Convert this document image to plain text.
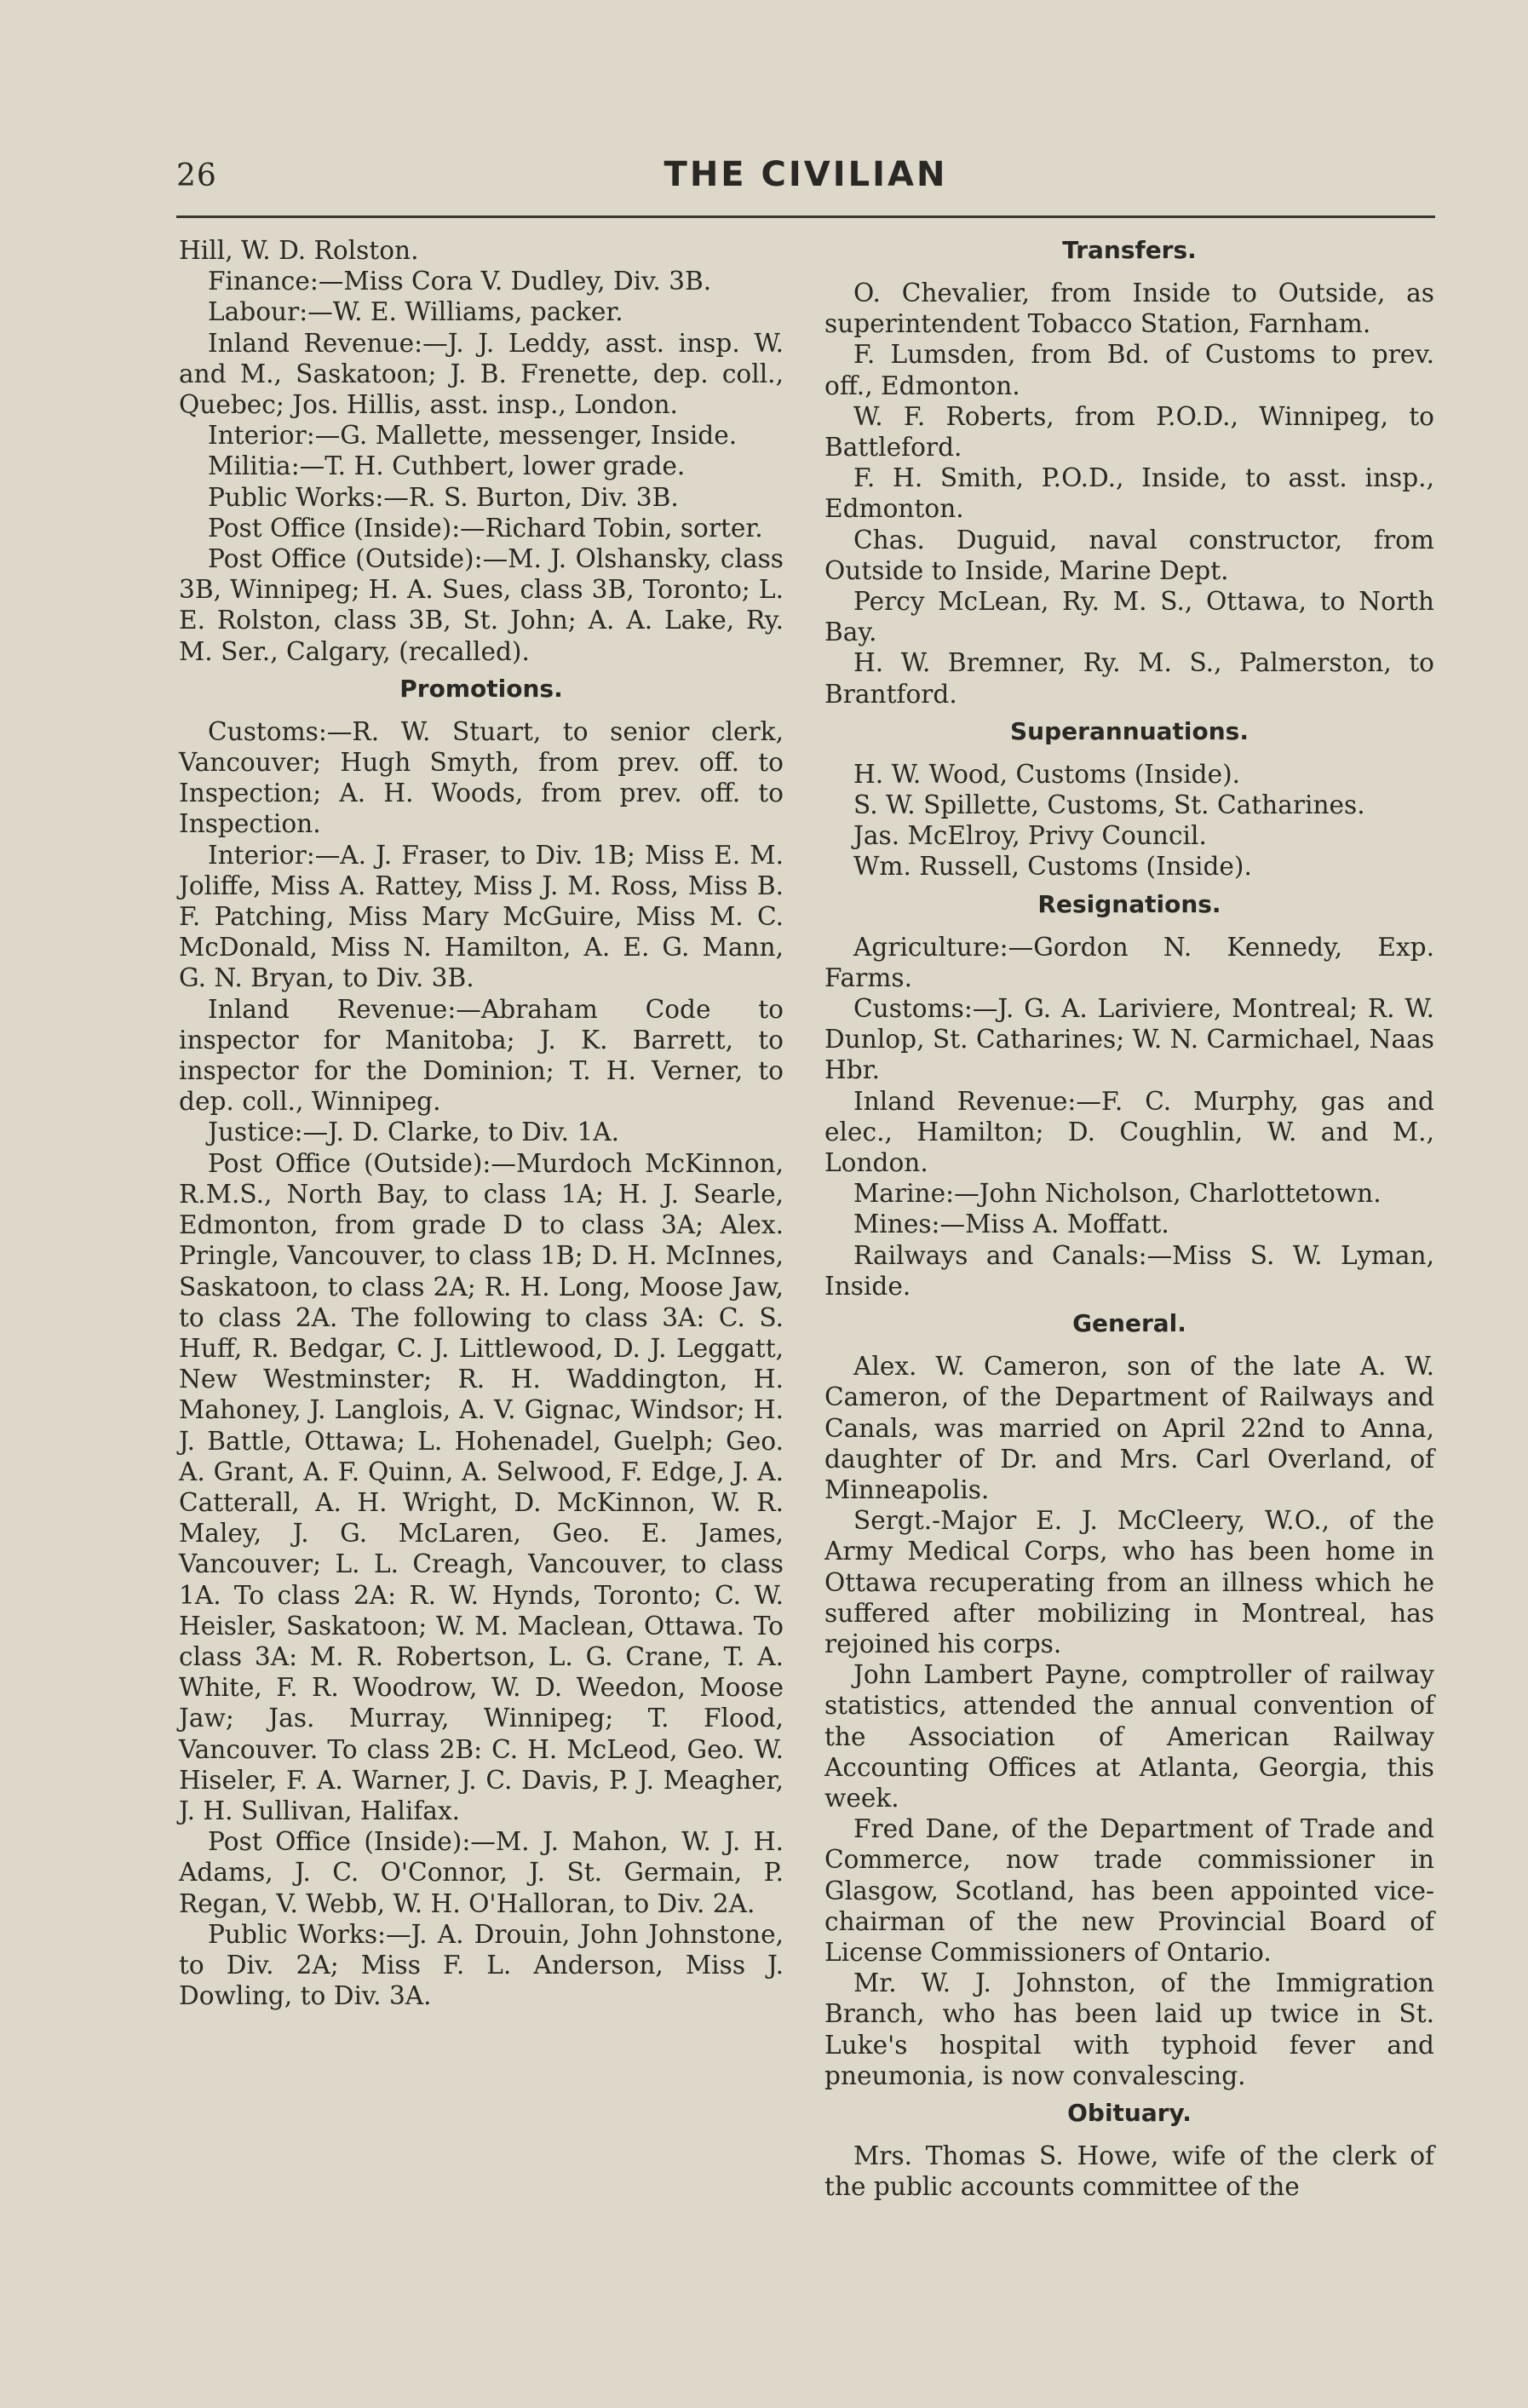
26	THE CIVILIAN

Hill, W. D. Rolston.

Finance:—Miss Cora V. Dudley, Div. 3B.

Labour:—W. E. Williams, packer.

Inland Revenue:—J. J. Leddy, asst. insp. W. and M., Saskatoon; J. B. Frenette, dep. coll., Quebec; Jos. Hillis, asst. insp., London.

Interior:—G. Mallette, messenger, Inside.

Militia:—T. H. Cuthbert, lower grade.

Public Works:—R. S. Burton, Div. 3B.

Post Office (Inside):—Richard Tobin, sorter.

Post Office (Outside):—M. J. Olshansky, class 3B, Winnipeg; H. A. Sues, class 3B, Toronto; L. E. Rolston, class 3B, St. John; A. A. Lake, Ry. M. Ser., Calgary, (recalled).

Promotions.

Customs:—R. W. Stuart, to senior clerk, Vancouver; Hugh Smyth, from prev. off. to Inspection; A. H. Woods, from prev. off. to Inspection.

Interior:—A. J. Fraser, to Div. 1B; Miss E. M. Joliffe, Miss A. Rattey, Miss J. M. Ross, Miss B. F. Patching, Miss Mary McGuire, Miss M. C. McDonald, Miss N. Hamilton, A. E. G. Mann, G. N. Bryan, to Div. 3B.

Inland Revenue:—Abraham Code to inspector for Manitoba; J. K. Barrett, to inspector for the Dominion; T. H. Verner, to dep. coll., Winnipeg.

Justice:—J. D. Clarke, to Div. 1A.

Post Office (Outside):—Murdoch McKinnon, R.M.S., North Bay, to class 1A; H. J. Searle, Edmonton, from grade D to class 3A; Alex. Pringle, Vancouver, to class 1B; D. H. McInnes, Saskatoon, to class 2A; R. H. Long, Moose Jaw, to class 2A. The following to class 3A: C. S. Huff, R. Bedgar, C. J. Littlewood, D. J. Leggatt, New Westminster; R. H. Waddington, H. Mahoney, J. Langlois, A. V. Gignac, Windsor; H. J. Battle, Ottawa; L. Hohenadel, Guelph; Geo. A. Grant, A. F. Quinn, A. Selwood, F. Edge, J. A. Catterall, A. H. Wright, D. McKinnon, W. R. Maley, J. G. McLaren, Geo. E. James, Vancouver; L. L. Creagh, Vancouver, to class 1A. To class 2A: R. W. Hynds, Toronto; C. W. Heisler, Saskatoon; W. M. Maclean, Ottawa. To class 3A: M. R. Robertson, L. G. Crane, T. A. White, F. R. Woodrow, W. D. Weedon, Moose Jaw; Jas. Murray, Winnipeg; T. Flood, Vancouver. To class 2B: C. H. McLeod, Geo. W. Hiseler, F. A. Warner, J. C. Davis, P. J. Meagher, J. H. Sullivan, Halifax.

Post Office (Inside):—M. J. Mahon, W. J. H. Adams, J. C. O'Connor, J. St. Germain, P. Regan, V. Webb, W. H. O'Halloran, to Div. 2A.

Public Works:—J. A. Drouin, John Johnstone, to Div. 2A; Miss F. L. Anderson, Miss J. Dowling, to Div. 3A.

Transfers.

O. Chevalier, from Inside to Outside, as superintendent Tobacco Station, Farnham.

F. Lumsden, from Bd. of Customs to prev. off., Edmonton.

W. F. Roberts, from P.O.D., Winnipeg, to Battleford.

F. H. Smith, P.O.D., Inside, to asst. insp., Edmonton.

Chas. Duguid, naval constructor, from Outside to Inside, Marine Dept.

Percy McLean, Ry. M. S., Ottawa, to North Bay.

H. W. Bremner, Ry. M. S., Palmerston, to Brantford.

Superannuations.

H. W. Wood, Customs (Inside).

S. W. Spillette, Customs, St. Catharines.

Jas. McElroy, Privy Council.

Wm. Russell, Customs (Inside).

Resignations.

Agriculture:—Gordon N. Kennedy, Exp. Farms.

Customs:—J. G. A. Lariviere, Montreal; R. W. Dunlop, St. Catharines; W. N. Carmichael, Naas Hbr.

Inland Revenue:—F. C. Murphy, gas and elec., Hamilton; D. Coughlin, W. and M., London.

Marine:—John Nicholson, Charlottetown.

Mines:—Miss A. Moffatt.

Railways and Canals:—Miss S. W. Lyman, Inside.

General.

Alex. W. Cameron, son of the late A. W. Cameron, of the Department of Railways and Canals, was married on April 22nd to Anna, daughter of Dr. and Mrs. Carl Overland, of Minneapolis.

Sergt.-Major E. J. McCleery, W.O., of the Army Medical Corps, who has been home in Ottawa recuperating from an illness which he suffered after mobilizing in Montreal, has rejoined his corps.

John Lambert Payne, comptroller of railway statistics, attended the annual convention of the Association of American Railway Accounting Offices at Atlanta, Georgia, this week.

Fred Dane, of the Department of Trade and Commerce, now trade commissioner in Glasgow, Scotland, has been appointed vice-chairman of the new Provincial Board of License Commissioners of Ontario.

Mr. W. J. Johnston, of the Immigration Branch, who has been laid up twice in St. Luke's hospital with typhoid fever and pneumonia, is now convalescing.

Obituary.

Mrs. Thomas S. Howe, wife of the clerk of the public accounts committee of the
